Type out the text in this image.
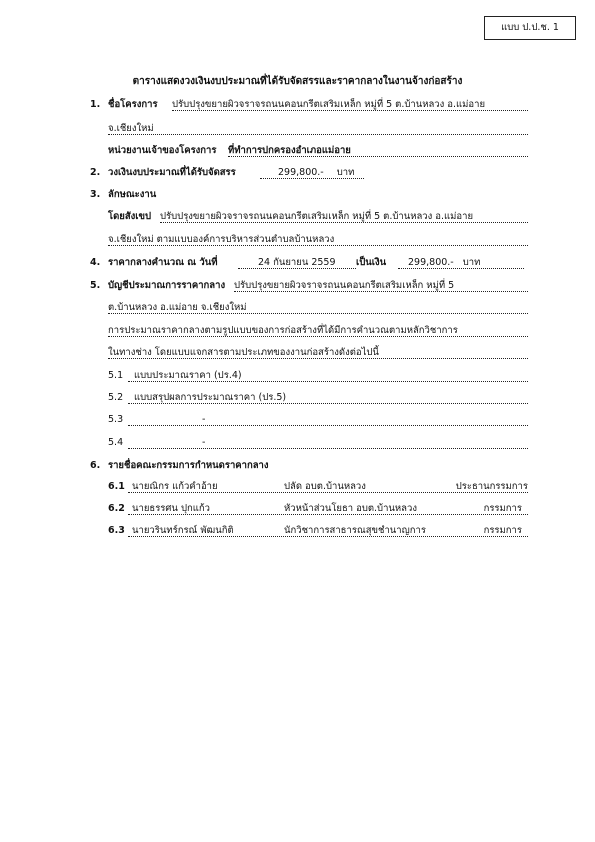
แบบ ป.ป.ช. 1
ตารางแสดงวงเงินงบประมาณที่ได้รับจัดสรรและราคากลางในงานจ้างก่อสร้าง
1. ชื่อโครงการ ปรับปรุงขยายผิวจราจรถนนคอนกรีตเสริมเหล็ก หมู่ที่ 5 ต.บ้านหลวง อ.แม่อาย
จ.เชียงใหม่
หน่วยงานเจ้าของโครงการ ที่ทำการปกครองอำเภอแม่อาย
2. วงเงินงบประมาณที่ได้รับจัดสรร	299,800.- บาท
3. ลักษณะงาน
โดยสังเขป ปรับปรุงขยายผิวจราจรถนนคอนกรีตเสริมเหล็ก หมู่ที่ 5 ต.บ้านหลวง อ.แม่อาย
จ.เชียงใหม่ ตามแบบองค์การบริหารส่วนตำบลบ้านหลวง
4. ราคากลางคำนวณ ณ วันที่	24 กันยายน 2559	เป็นเงิน	299,800.- บาท
5. บัญชีประมาณการราคากลาง ปรับปรุงขยายผิวจราจรถนนคอนกรีตเสริมเหล็ก หมู่ที่ 5
ต.บ้านหลวง อ.แม่อาย จ.เชียงใหม่
การประมาณราคากลางตามรูปแบบของการก่อสร้างที่ได้มีการคำนวณตามหลักวิชาการ
ในทางช่าง โดยแบบแจกสารตามประเภทของงานก่อสร้างดังต่อไปนี้
5.1	แบบประมาณราคา (ปร.4)
5.2	แบบสรุปผลการประมาณราคา (ปร.5)
5.3	-
5.4	-
6. รายชื่อคณะกรรมการกำหนดราคากลาง
6.1 นายณิกร แก้วคำอ้าย	ปลัด อบต.บ้านหลวง	ประธานกรรมการ
6.2 นายธรรศน ปุกแก้ว	หัวหน้าส่วนโยธา อบต.บ้านหลวง	กรรมการ
6.3 นายวรินทร์กรณ์ พัฒนกิติ	นักวิชาการสาธารณสุขชำนาญการ	กรรมการ
